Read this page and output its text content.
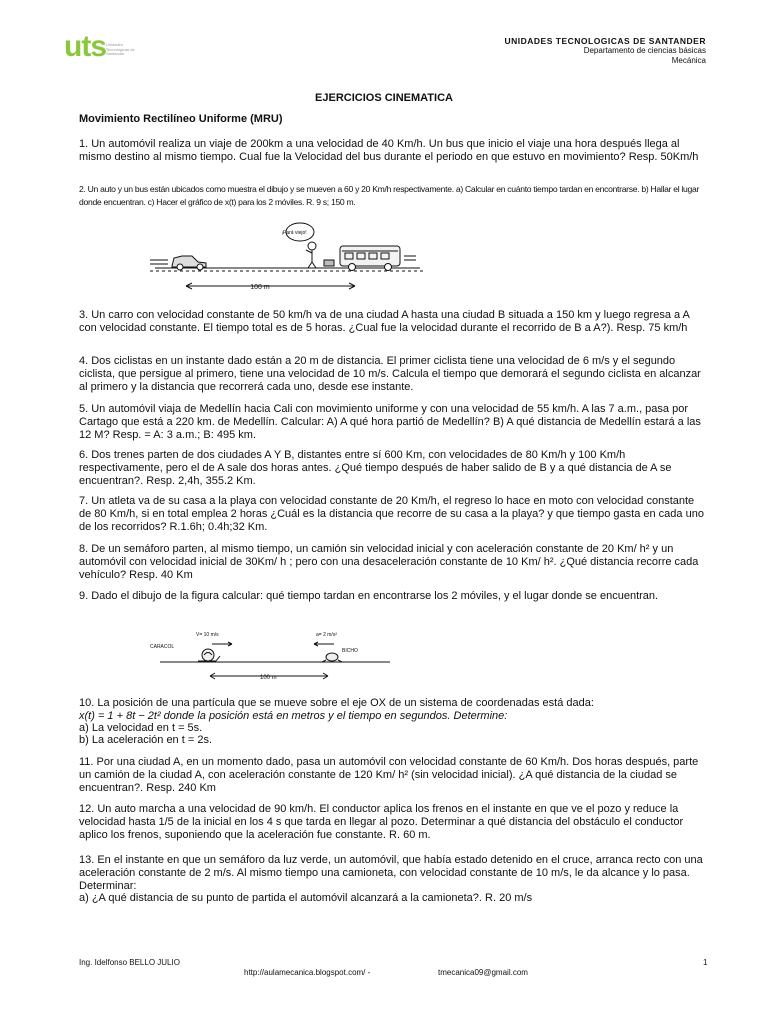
uts Unidades Tecnológicas de Santander
UNIDADES TECNOLOGICAS DE SANTANDER
Departamento de ciencias básicas
Mecánica
EJERCICIOS CINEMATICA
Movimiento Rectilíneo Uniforme (MRU)
1. Un automóvil realiza un viaje de 200km a una velocidad de 40 Km/h. Un bus que inicio el viaje una hora después llega al mismo destino al mismo tiempo. Cual fue la Velocidad del bus durante el periodo en que estuvo en movimiento? Resp. 50Km/h
2. Un auto y un bus están ubicados como muestra el dibujo y se mueven a 60 y 20 Km/h respectivamente. a) Calcular en cuánto tiempo tardan en encontrarse. b) Hallar el lugar donde encuentran. c) Hacer el gráfico de x(t) para los 2 móviles. R. 9 s; 150 m.
¡Pará viejo!
100 m
3. Un carro con velocidad constante de 50 km/h va de una ciudad A hasta una ciudad B situada a 150 km y luego regresa a A con velocidad constante. El tiempo total es de 5 horas. ¿Cual fue la velocidad durante el recorrido de B a A?). Resp. 75 km/h
4. Dos ciclistas en un instante dado están a 20 m de distancia. El primer ciclista tiene una velocidad de 6 m/s y el segundo ciclista, que persigue al primero, tiene una velocidad de 10 m/s. Calcula el tiempo que demorará el segundo ciclista en alcanzar al primero y la distancia que recorrerá cada uno, desde ese instante.
5. Un automóvil viaja de Medellín hacia Cali con movimiento uniforme y con una velocidad de 55 km/h. A las 7 a.m., pasa por Cartago que está a 220 km. de Medellín. Calcular: A) A qué hora partió de Medellín? B) A qué distancia de Medellín estará a las 12 M? Resp. = A: 3 a.m.; B: 495 km.
6. Dos trenes parten de dos ciudades A Y B, distantes entre sí 600 Km, con velocidades de 80 Km/h y 100 Km/h respectivamente, pero el de A sale dos horas antes. ¿Qué tiempo después de haber salido de B y a qué distancia de A se encuentran?. Resp. 2,4h, 355.2 Km.
7. Un atleta va de su casa a la playa con velocidad constante de 20 Km/h, el regreso lo hace en moto con velocidad constante de 80 Km/h, si en total emplea 2 horas ¿Cuál es la distancia que recorre de su casa a la playa? y que tiempo gasta en cada uno de los recorridos? R.1.6h; 0.4h;32 Km.
8. De un semáforo parten, al mismo tiempo, un camión sin velocidad inicial y con aceleración constante de 20 Km/ h² y un automóvil con velocidad inicial de 30Km/ h ; pero con una desaceleración constante de 10 Km/ h². ¿Qué distancia recorre cada vehículo? Resp. 40 Km
9. Dado el dibujo de la figura calcular: qué tiempo tardan en encontrarse los 2 móviles, y el lugar donde se encuentran.
CARACOL
BICHO
V= 10 m/s	a= 2 m/s²
100 m
10. La posición de una partícula que se mueve sobre el eje OX de un sistema de coordenadas está dada:
x(t) = 1 + 8t − 2t² donde la posición está en metros y el tiempo en segundos. Determine:
a) La velocidad en t = 5s.
b) La aceleración en t = 2s.
11. Por una ciudad A, en un momento dado, pasa un automóvil con velocidad constante de 60 Km/h. Dos horas después, parte un camión de la ciudad A, con aceleración constante de 120 Km/ h² (sin velocidad inicial). ¿A qué distancia de la ciudad se encuentran?. Resp. 240 Km
12. Un auto marcha a una velocidad de 90 km/h. El conductor aplica los frenos en el instante en que ve el pozo y reduce la velocidad hasta 1/5 de la inicial en los 4 s que tarda en llegar al pozo. Determinar a qué distancia del obstáculo el conductor aplico los frenos, suponiendo que la aceleración fue constante. R. 60 m.
13. En el instante en que un semáforo da luz verde, un automóvil, que había estado detenido en el cruce, arranca recto con una aceleración constante de 2 m/s. Al mismo tiempo una camioneta, con velocidad constante de 10 m/s, le da alcance y lo pasa. Determinar:
a) ¿A qué distancia de su punto de partida el automóvil alcanzará a la camioneta?. R. 20 m/s
Ing. Idelfonso BELLO JULIO	1
http://aulamecanica.blogspot.com/ -	tmecanica09@gmail.com
